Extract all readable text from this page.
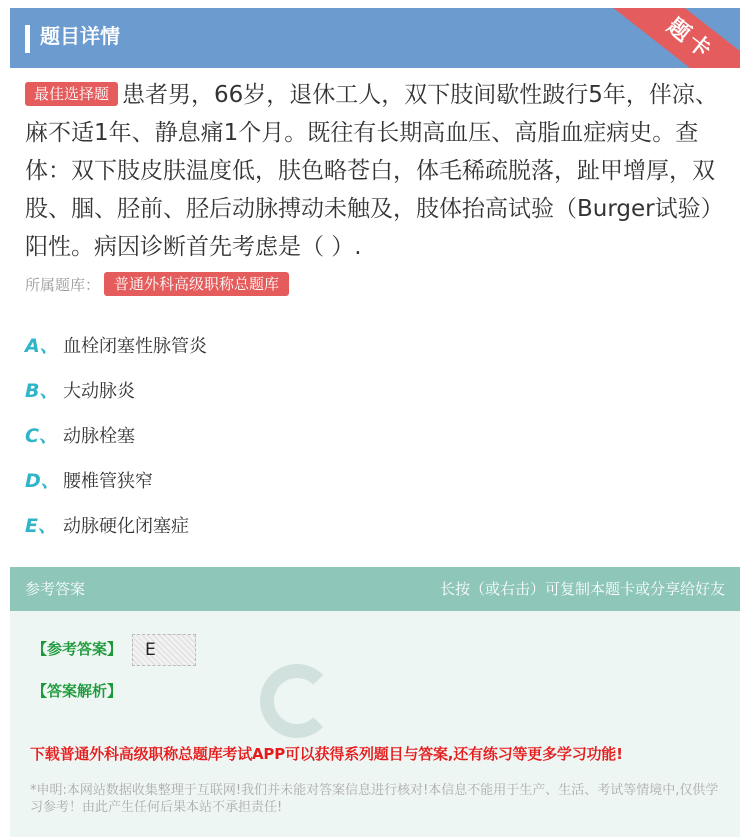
题目详情	题卡
最佳选择题 患者男，66岁，退休工人，双下肢间歇性跛行5年，伴凉、麻不适1年、静息痛1个月。既往有长期高血压、高脂血症病史。查体：双下肢皮肤温度低，肤色略苍白，体毛稀疏脱落，趾甲增厚，双股、腘、胫前、胫后动脉搏动未触及，肢体抬高试验（Burger试验）阳性。病因诊断首先考虑是（ ）.
所属题库： 普通外科高级职称总题库
A、 血栓闭塞性脉管炎
B、 大动脉炎
C、 动脉栓塞
D、 腰椎管狭窄
E、 动脉硬化闭塞症
参考答案	长按（或右击）可复制本题卡或分享给好友
【参考答案】	E
【答案解析】
下载普通外科高级职称总题库考试APP可以获得系列题目与答案,还有练习等更多学习功能!
*申明:本网站数据收集整理于互联网!我们并未能对答案信息进行核对!本信息不能用于生产、生活、考试等情境中,仅供学习参考！由此产生任何后果本站不承担责任!
